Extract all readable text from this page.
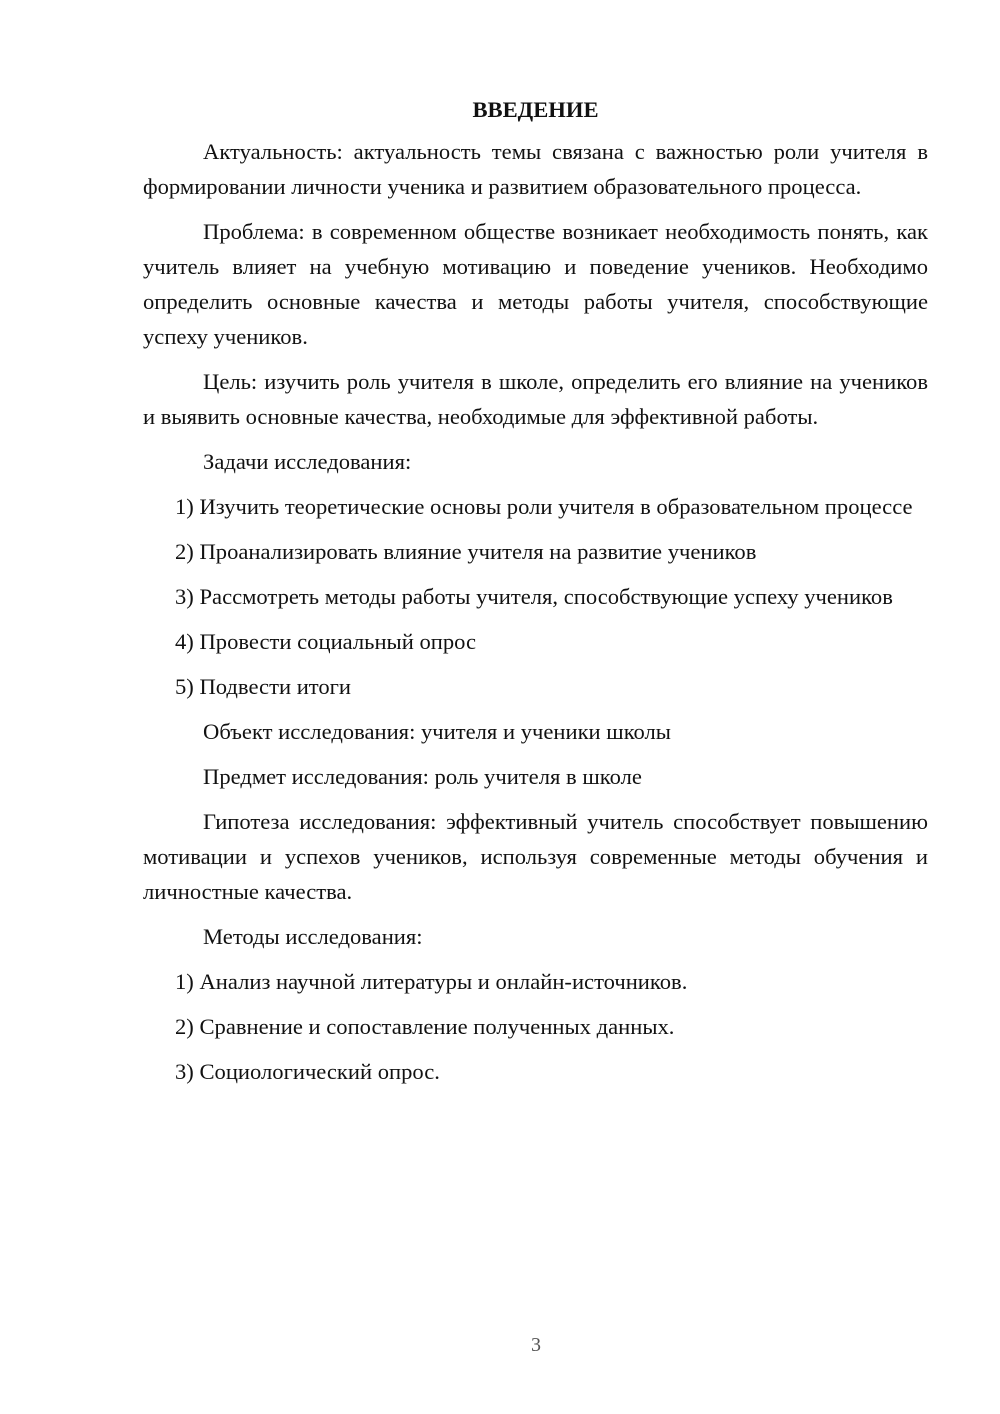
ВВЕДЕНИЕ

Актуальность: актуальность темы связана с важностью роли учителя в формировании личности ученика и развитием образовательного процесса.

Проблема: в современном обществе возникает необходимость понять, как учитель влияет на учебную мотивацию и поведение учеников. Необходимо определить основные качества и методы работы учителя, способствующие успеху учеников.

Цель: изучить роль учителя в школе, определить его влияние на учеников и выявить основные качества, необходимые для эффективной работы.

Задачи исследования:

1) Изучить теоретические основы роли учителя в образовательном процессе

2) Проанализировать влияние учителя на развитие учеников

3) Рассмотреть методы работы учителя, способствующие успеху учеников

4) Провести социальный опрос

5) Подвести итоги

Объект исследования: учителя и ученики школы

Предмет исследования: роль учителя в школе

Гипотеза исследования: эффективный учитель способствует повышению мотивации и успехов учеников, используя современные методы обучения и личностные качества.

Методы исследования:

1) Анализ научной литературы и онлайн-источников.

2) Сравнение и сопоставление полученных данных.

3) Социологический опрос.

3
